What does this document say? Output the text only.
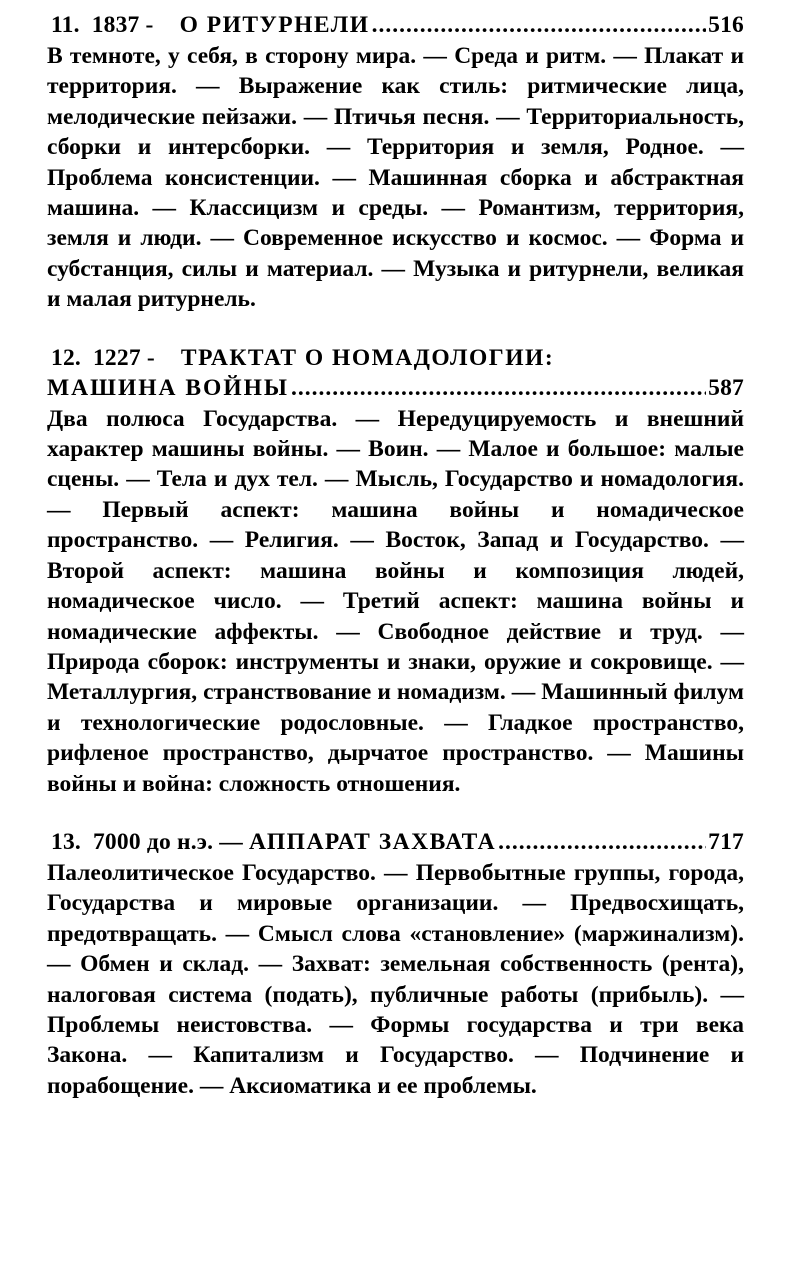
11. 1837 - О РИТУРНЕЛИ .....	516

В темноте, у себя, в сторону мира. — Среда и ритм. — Плакат и территория. — Выражение как стиль: ритмические лица, мелодические пейзажи. — Птичья песня. — Территориальность, сборки и интерсборки. — Территория и земля, Родное. — Проблема консистенции. — Машинная сборка и абстрактная машина. — Классицизм и среды. — Романтизм, территория, земля и люди. — Современное искусство и космос. — Форма и субстанция, силы и материал. — Музыка и ритурнели, великая и малая ритурнель.

12. 1227 - ТРАКТАТ О НОМАДОЛОГИИ:
МАШИНА ВОЙНЫ .....	587

Два полюса Государства. — Нередуцируемость и внешний характер машины войны. — Воин. — Малое и большое: малые сцены. — Тела и дух тел. — Мысль, Государство и номадология. — Первый аспект: машина войны и номадическое пространство. — Религия. — Восток, Запад и Государство. — Второй аспект: машина войны и композиция людей, номадическое число. — Третий аспект: машина войны и номадические аффекты. — Свободное действие и труд. — Природа сборок: инструменты и знаки, оружие и сокровище. — Металлургия, странствование и номадизм. — Машинный филум и технологические родословные. — Гладкое пространство, рифленое пространство, дырчатое пространство. — Машины войны и война: сложность отношения.

13. 7000 до н.э. — АППАРАТ ЗАХВАТА .....	717

Палеолитическое Государство. — Первобытные группы, города, Государства и мировые организации. — Предвосхищать, предотвращать. — Смысл слова «становление» (маржинализм). — Обмен и склад. — Захват: земельная собственность (рента), налоговая система (подать), публичные работы (прибыль). — Проблемы неистовства. — Формы государства и три века Закона. — Капитализм и Государство. — Подчинение и порабощение. — Аксиоматика и ее проблемы.
